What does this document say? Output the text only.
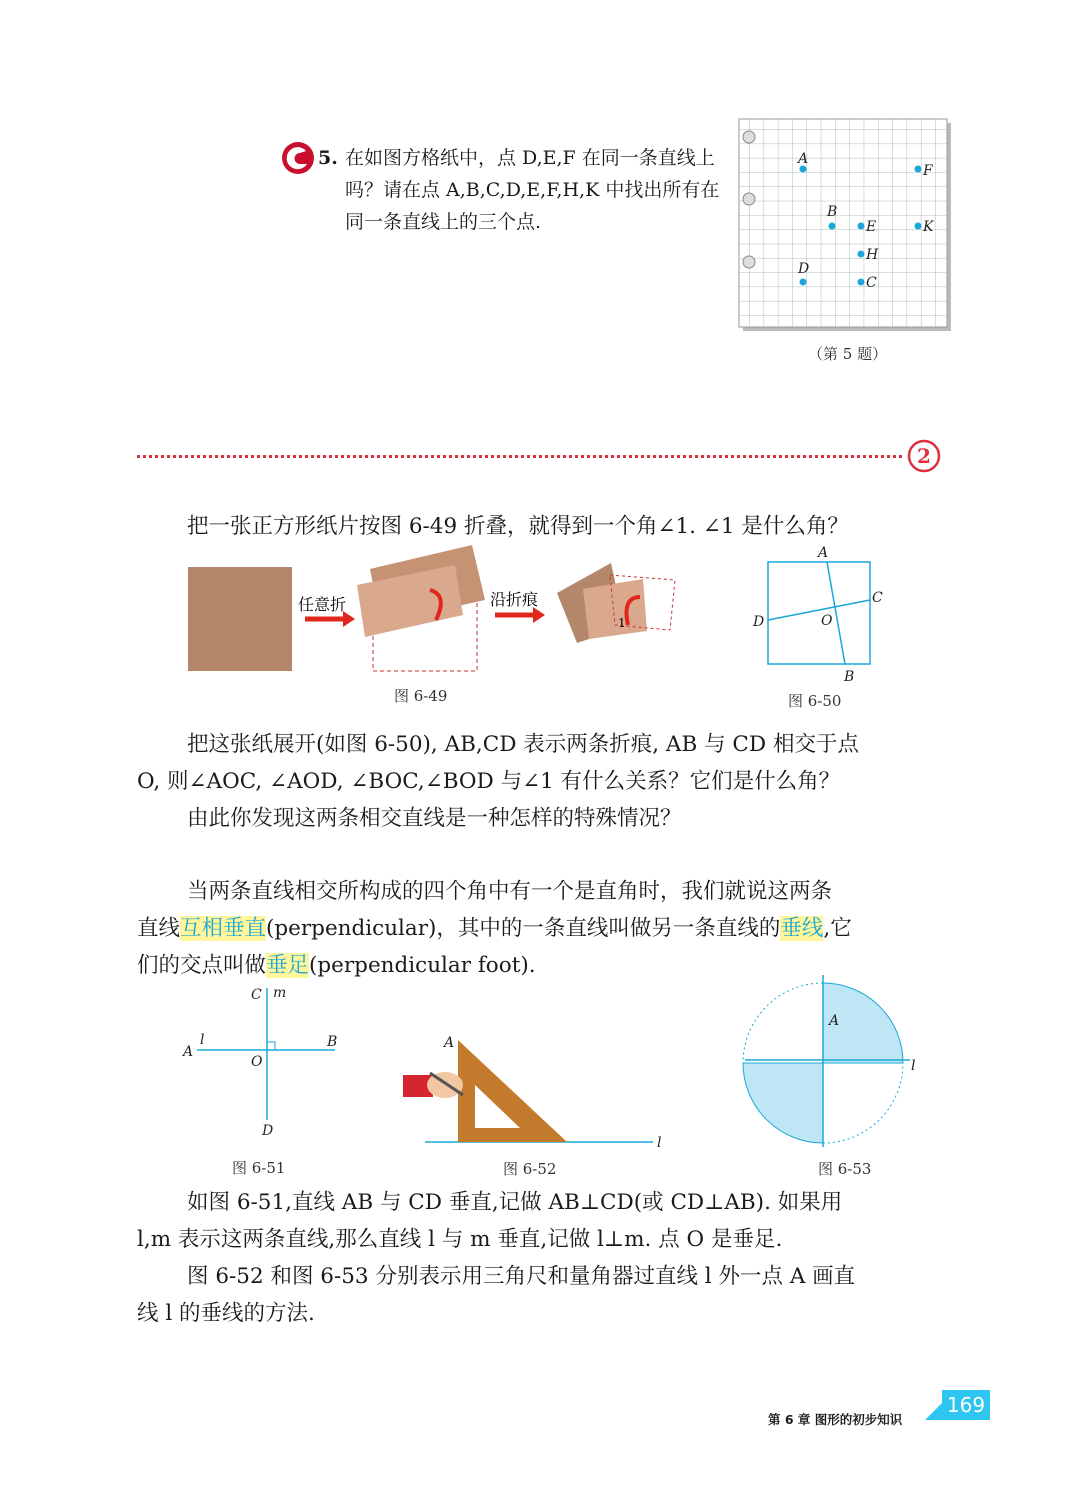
5. 在如图方格纸中，点 D,E,F 在同一条直线上吗？请在点 A,B,C,D,E,F,H,K 中找出所有在同一条直线上的三个点.
A
F
B
E	K
H
D
C
（第 5 题）
2
把一张正方形纸片按图 6-49 折叠，就得到一个角∠1. ∠1 是什么角？
任意折	沿折痕
1
图 6-49
A
B
C
D	O
图 6-50
把这张纸展开(如图 6-50), AB,CD 表示两条折痕, AB 与 CD 相交于点
O, 则∠AOC, ∠AOD, ∠BOC,∠BOD 与∠1 有什么关系？它们是什么角？
由此你发现这两条相交直线是一种怎样的特殊情况？
当两条直线相交所构成的四个角中有一个是直角时，我们就说这两条
直线互相垂直(perpendicular)，其中的一条直线叫做另一条直线的垂线,它
们的交点叫做垂足(perpendicular foot).
C m
A
l	B
O
D
图 6-51
A
l
图 6-52
A
l
图 6-53
如图 6-51,直线 AB 与 CD 垂直,记做 AB⊥CD(或 CD⊥AB). 如果用
l,m 表示这两条直线,那么直线 l 与 m 垂直,记做 l⊥m. 点 O 是垂足.
图 6-52 和图 6-53 分别表示用三角尺和量角器过直线 l 外一点 A 画直
线 l 的垂线的方法.
第 6 章 图形的初步知识
169
